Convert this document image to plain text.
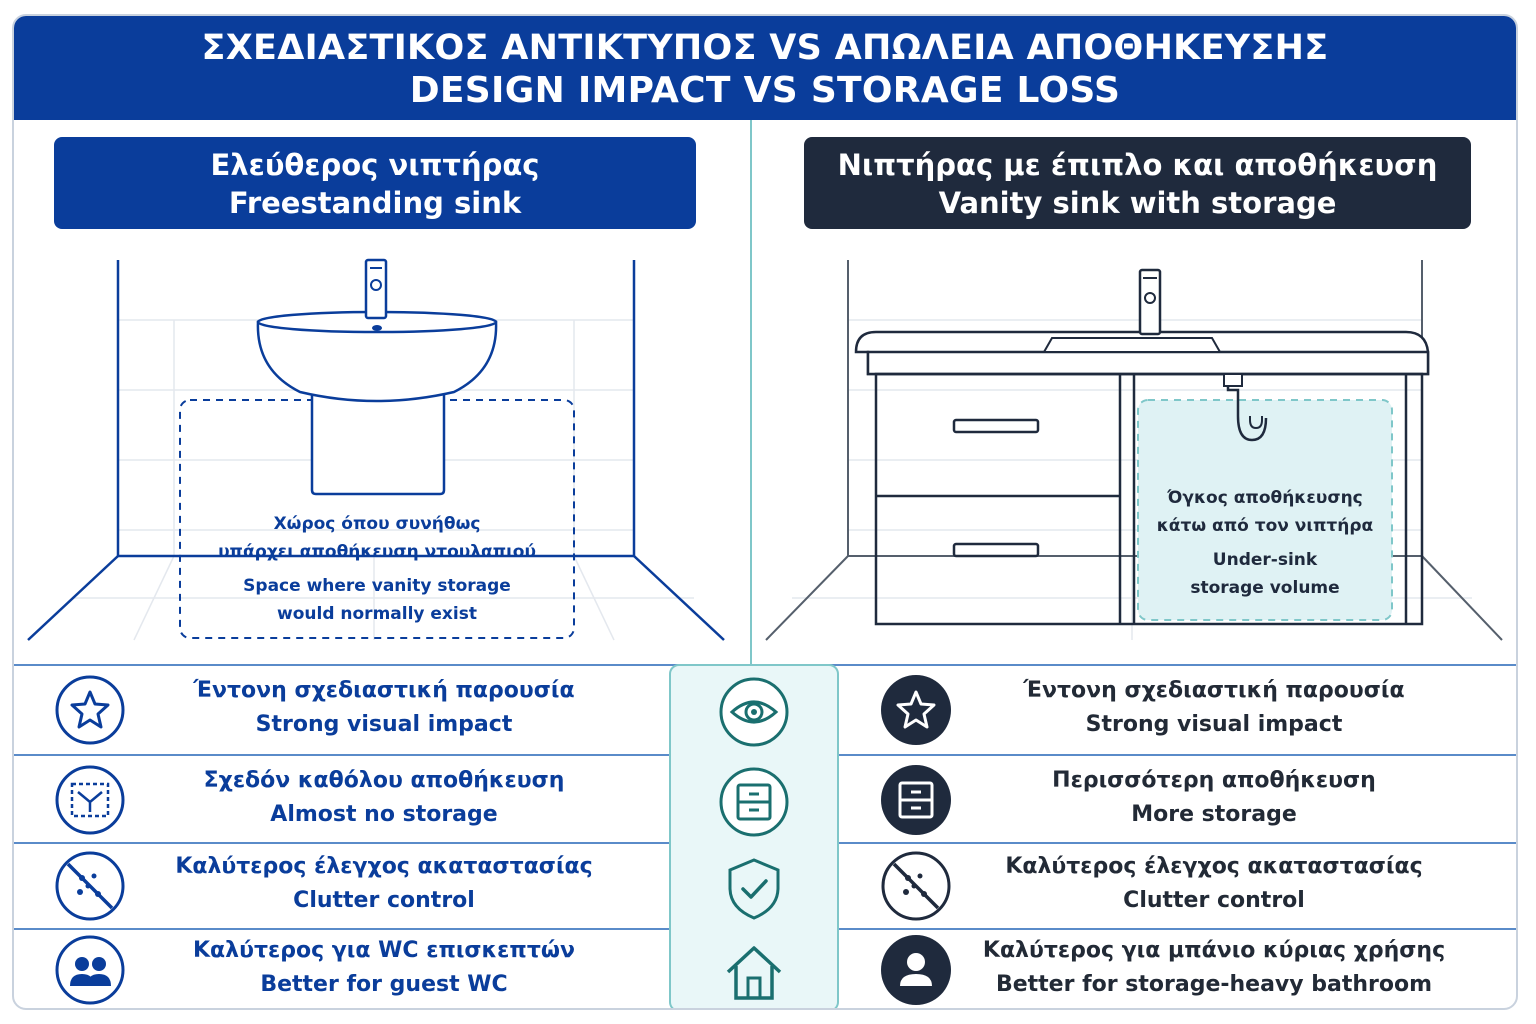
ΣΧΕΔΙΑΣΤΙΚΟΣ ΑΝΤΙΚΤΥΠΟΣ VS ΑΠΩΛΕΙΑ ΑΠΟΘΗΚΕΥΣΗΣ
DESIGN IMPACT VS STORAGE LOSS
Χώρος όπου συνήθως
υπάρχει αποθήκευση ντουλαπιού
Space where vanity storage
would normally exist
Όγκος αποθήκευσης
κάτω από τον νιπτήρα
Under-sink
storage volume
Ελεύθερος νιπτήρας
Freestanding sink
Νιπτήρας με έπιπλο και αποθήκευση
Vanity sink with storage
Έντονη σχεδιαστική παρουσία
Strong visual impact
Έντονη σχεδιαστική παρουσία
Strong visual impact
Σχεδόν καθόλου αποθήκευση
Almost no storage
Περισσότερη αποθήκευση
More storage
Καλύτερος έλεγχος ακαταστασίας
Clutter control
Καλύτερος έλεγχος ακαταστασίας
Clutter control
Καλύτερος για WC επισκεπτών
Better for guest WC
Καλύτερος για μπάνιο κύριας χρήσης
Better for storage-heavy bathroom
